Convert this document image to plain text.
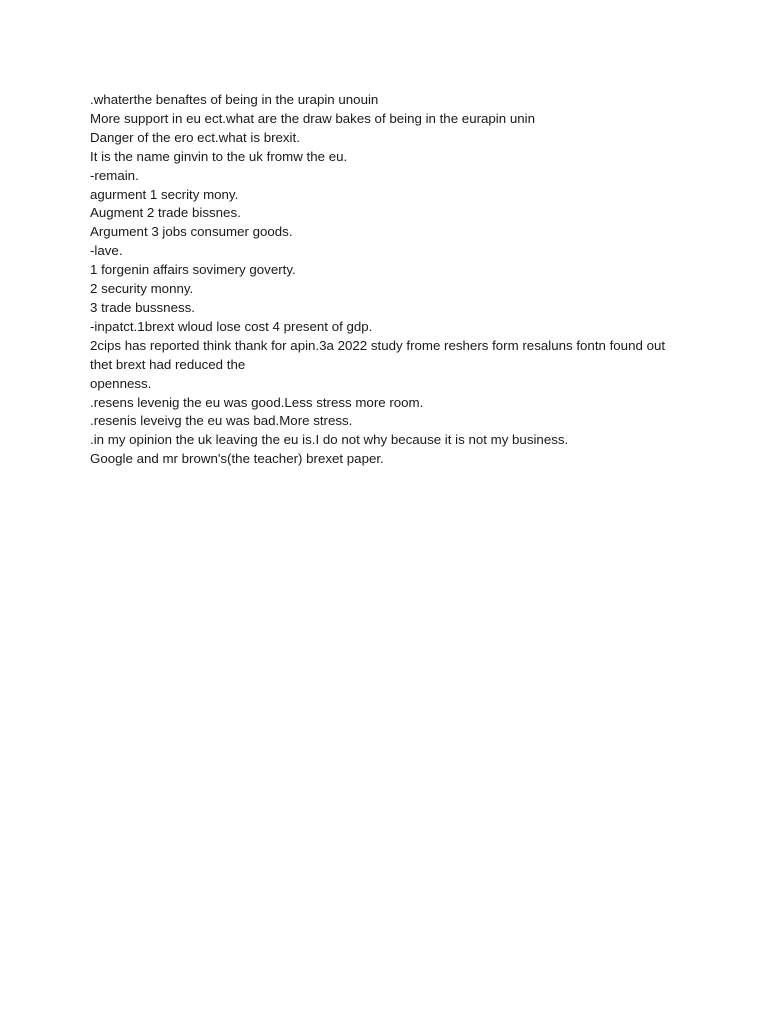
.whaterthe benaftes of being in the urapin unouin
More support in eu ect.what are the draw bakes of being in the eurapin unin
Danger of the ero ect.what is brexit.
It is the name ginvin to the uk fromw the eu.
-remain.
agurment 1 secrity mony.
Augment 2 trade bissnes.
Argument 3 jobs consumer goods.
-lave.
1 forgenin affairs sovimery goverty.
2 security monny.
3 trade bussness.
-inpatct.1brext wloud lose cost 4 present of gdp.
2cips has reported think thank for apin.3a 2022 study frome reshers form resaluns fontn found out thet brext had reduced the
openness.
.resens levenig the eu was good.Less stress more room.
.resenis leveivg the eu was bad.More stress.
.in my opinion the uk leaving the eu is.I do not why because it is not my business.
Google and mr brown's(the teacher) brexet paper.
